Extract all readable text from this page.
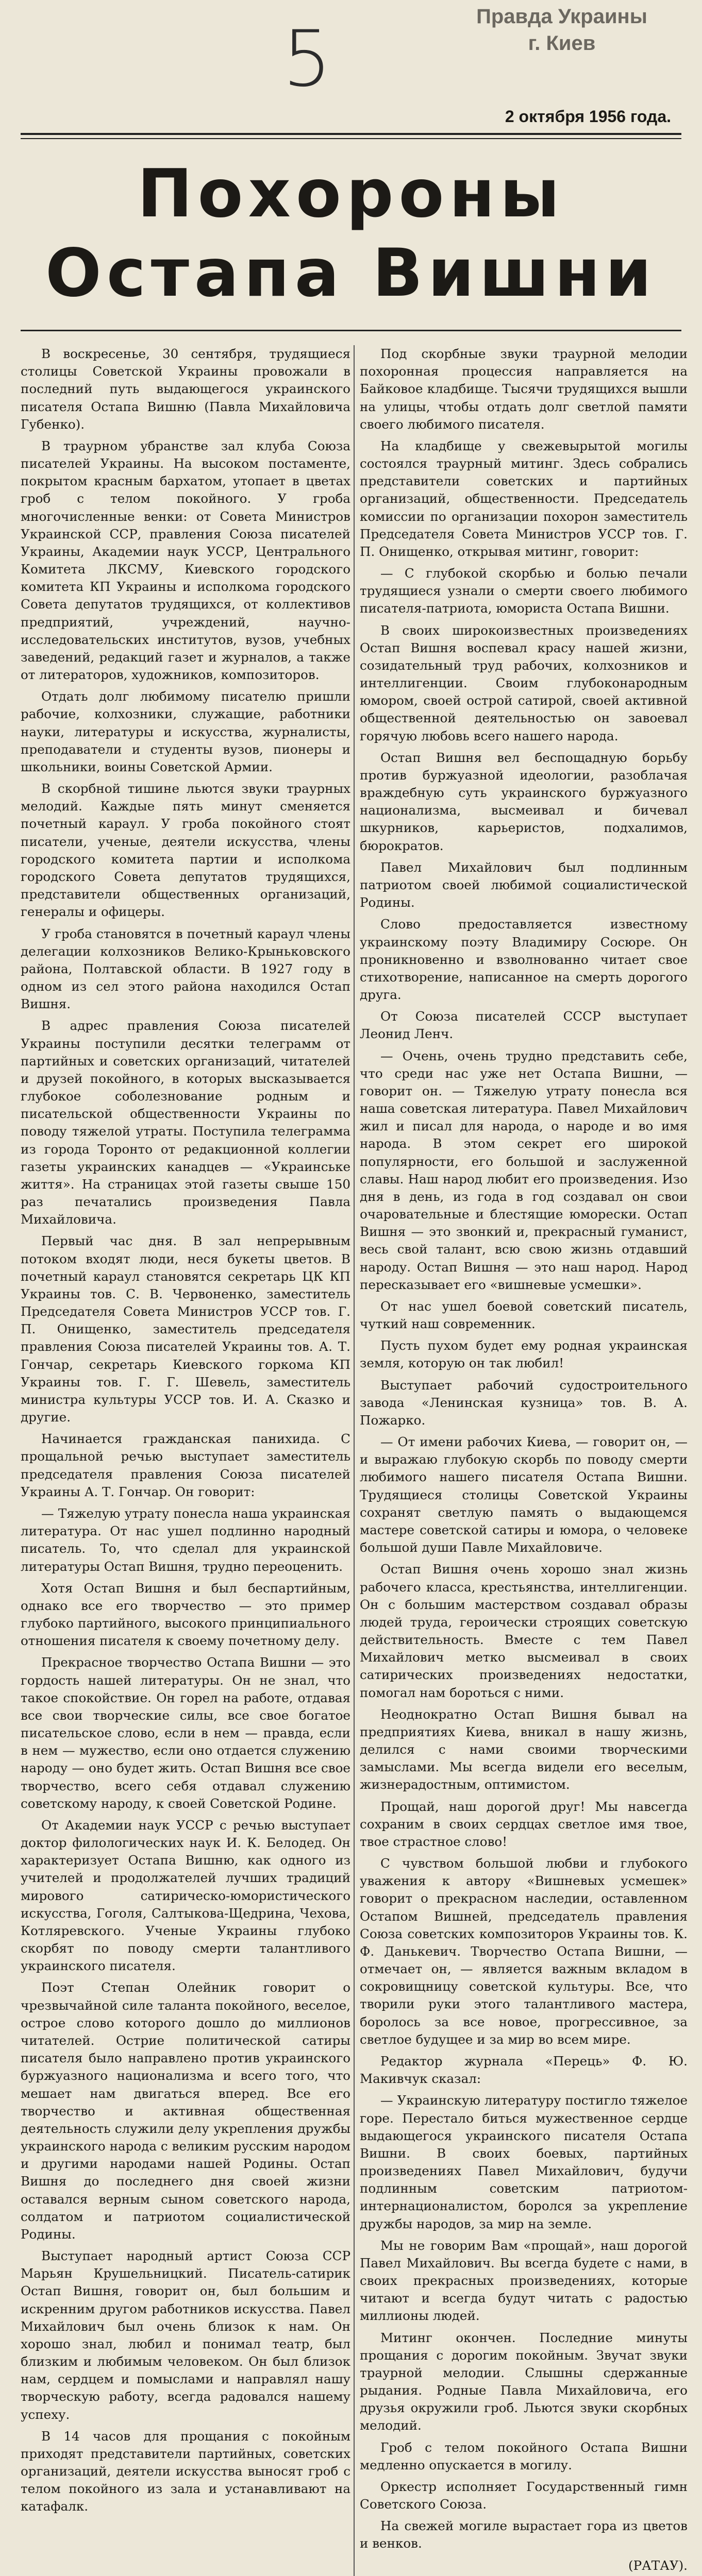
5	Правда Украины
г. Киев
2 октября 1956 года.
Похороны
Остапа Вишни

В воскресенье, 30 сентября, трудящиеся столицы Советской Украины провожали в последний путь выдающегося украинского писателя Остапа Вишню (Павла Михайловича Губенко).

В траурном убранстве зал клуба Союза писателей Украины. На высоком постаменте, покрытом красным бархатом, утопает в цветах гроб с телом покойного. У гроба многочисленные венки: от Совета Министров Украинской ССР, правления Союза писателей Украины, Академии наук УССР, Центрального Комитета ЛКСМУ, Киевского городского комитета КП Украины и исполкома городского Совета депутатов трудящихся, от коллективов предприятий, учреждений, научно-исследовательских институтов, вузов, учебных заведений, редакций газет и журналов, а также от литераторов, художников, композиторов.

Отдать долг любимому писателю пришли рабочие, колхозники, служащие, работники науки, литературы и искусства, журналисты, преподаватели и студенты вузов, пионеры и школьники, воины Советской Армии.

В скорбной тишине льются звуки траурных мелодий. Каждые пять минут сменяется почетный караул. У гроба покойного стоят писатели, ученые, деятели искусства, члены городского комитета партии и исполкома городского Совета депутатов трудящихся, представители общественных организаций, генералы и офицеры.

У гроба становятся в почетный караул члены делегации колхозников Велико-Крыньковского района, Полтавской области. В 1927 году в одном из сел этого района находился Остап Вишня.

В адрес правления Союза писателей Украины поступили десятки телеграмм от партийных и советских организаций, читателей и друзей покойного, в которых высказывается глубокое соболезнование родным и писательской общественности Украины по поводу тяжелой утраты. Поступила телеграмма из города Торонто от редакционной коллегии газеты украинских канадцев — «Украинське життя». На страницах этой газеты свыше 150 раз печатались произведения Павла Михайловича.

Первый час дня. В зал непрерывным потоком входят люди, неся букеты цветов. В почетный караул становятся секретарь ЦК КП Украины тов. С. В. Червоненко, заместитель Председателя Совета Министров УССР тов. Г. П. Онищенко, заместитель председателя правления Союза писателей Украины тов. А. Т. Гончар, секретарь Киевского горкома КП Украины тов. Г. Г. Шевель, заместитель министра культуры УССР тов. И. А. Сказко и другие.

Начинается гражданская панихида. С прощальной речью выступает заместитель председателя правления Союза писателей Украины А. Т. Гончар. Он говорит:

— Тяжелую утрату понесла наша украинская литература. От нас ушел подлинно народный писатель. То, что сделал для украинской литературы Остап Вишня, трудно переоценить.

Хотя Остап Вишня и был беспартийным, однако все его творчество — это пример глубоко партийного, высокого принципиального отношения писателя к своему почетному делу.

Прекрасное творчество Остапа Вишни — это гордость нашей литературы. Он не знал, что такое спокойствие. Он горел на работе, отдавая все свои творческие силы, все свое богатое писательское слово, если в нем — правда, если в нем — мужество, если оно отдается служению народу — оно будет жить. Остап Вишня все свое творчество, всего себя отдавал служению советскому народу, к своей Советской Родине.

От Академии наук УССР с речью выступает доктор филологических наук И. К. Белодед. Он характеризует Остапа Вишню, как одного из учителей и продолжателей лучших традиций мирового сатирическо-юмористического искусства, Гоголя, Салтыкова-Щедрина, Чехова, Котляревского. Ученые Украины глубоко скорбят по поводу смерти талантливого украинского писателя.

Поэт Степан Олейник говорит о чрезвычайной силе таланта покойного, веселое, острое слово которого дошло до миллионов читателей. Острие политической сатиры писателя было направлено против украинского буржуазного национализма и всего того, что мешает нам двигаться вперед. Все его творчество и активная общественная деятельность служили делу укрепления дружбы украинского народа с великим русским народом и другими народами нашей Родины. Остап Вишня до последнего дня своей жизни оставался верным сыном советского народа, солдатом и патриотом социалистической Родины.

Выступает народный артист Союза ССР Марьян Крушельницкий. Писатель-сатирик Остап Вишня, говорит он, был большим и искренним другом работников искусства. Павел Михайлович был очень близок к нам. Он хорошо знал, любил и понимал театр, был близким и любимым человеком. Он был близок нам, сердцем и помыслами и направлял нашу творческую работу, всегда радовался нашему успеху.

В 14 часов для прощания с покойным приходят представители партийных, советских организаций, деятели искусства выносят гроб с телом покойного из зала и устанавливают на катафалк.

Под скорбные звуки траурной мелодии похоронная процессия направляется на Байковое кладбище. Тысячи трудящихся вышли на улицы, чтобы отдать долг светлой памяти своего любимого писателя.

На кладбище у свежевырытой могилы состоялся траурный митинг. Здесь собрались представители советских и партийных организаций, общественности. Председатель комиссии по организации похорон заместитель Председателя Совета Министров УССР тов. Г. П. Онищенко, открывая митинг, говорит:

— С глубокой скорбью и болью печали трудящиеся узнали о смерти своего любимого писателя-патриота, юмориста Остапа Вишни.

В своих широкоизвестных произведениях Остап Вишня воспевал красу нашей жизни, созидательный труд рабочих, колхозников и интеллигенции. Своим глубоконародным юмором, своей острой сатирой, своей активной общественной деятельностью он завоевал горячую любовь всего нашего народа.

Остап Вишня вел беспощадную борьбу против буржуазной идеологии, разоблачая враждебную суть украинского буржуазного национализма, высмеивал и бичевал шкурников, карьеристов, подхалимов, бюрократов.

Павел Михайлович был подлинным патриотом своей любимой социалистической Родины.

Слово предоставляется известному украинскому поэту Владимиру Сосюре. Он проникновенно и взволнованно читает свое стихотворение, написанное на смерть дорогого друга.

От Союза писателей СССР выступает Леонид Ленч.

— Очень, очень трудно представить себе, что среди нас уже нет Остапа Вишни, — говорит он. — Тяжелую утрату понесла вся наша советская литература. Павел Михайлович жил и писал для народа, о народе и во имя народа. В этом секрет его широкой популярности, его большой и заслуженной славы. Наш народ любит его произведения. Изо дня в день, из года в год создавал он свои очаровательные и блестящие юморески. Остап Вишня — это звонкий и, прекрасный гуманист, весь свой талант, всю свою жизнь отдавший народу. Остап Вишня — это наш народ. Народ пересказывает его «вишневые усмешки».

От нас ушел боевой советский писатель, чуткий наш современник.

Пусть пухом будет ему родная украинская земля, которую он так любил!

Выступает рабочий судостроительного завода «Ленинская кузница» тов. В. А. Пожарко.

— От имени рабочих Киева, — говорит он, — и выражаю глубокую скорбь по поводу смерти любимого нашего писателя Остапа Вишни. Трудящиеся столицы Советской Украины сохранят светлую память о выдающемся мастере советской сатиры и юмора, о человеке большой души Павле Михайловиче.

Остап Вишня очень хорошо знал жизнь рабочего класса, крестьянства, интеллигенции. Он с большим мастерством создавал образы людей труда, героически строящих советскую действительность. Вместе с тем Павел Михайлович метко высмеивал в своих сатирических произведениях недостатки, помогал нам бороться с ними.

Неоднократно Остап Вишня бывал на предприятиях Киева, вникал в нашу жизнь, делился с нами своими творческими замыслами. Мы всегда видели его веселым, жизнерадостным, оптимистом.

Прощай, наш дорогой друг! Мы навсегда сохраним в своих сердцах светлое имя твое, твое страстное слово!

С чувством большой любви и глубокого уважения к автору «Вишневых усмешек» говорит о прекрасном наследии, оставленном Остапом Вишней, председатель правления Союза советских композиторов Украины тов. К. Ф. Данькевич. Творчество Остапа Вишни, — отмечает он, — является важным вкладом в сокровищницу советской культуры. Все, что творили руки этого талантливого мастера, боролось за все новое, прогрессивное, за светлое будущее и за мир во всем мире.

Редактор журнала «Перець» Ф. Ю. Макивчук сказал:

— Украинскую литературу постигло тяжелое горе. Перестало биться мужественное сердце выдающегося украинского писателя Остапа Вишни. В своих боевых, партийных произведениях Павел Михайлович, будучи подлинным советским патриотом-интернационалистом, боролся за укрепление дружбы народов, за мир на земле.

Мы не говорим Вам «прощай», наш дорогой Павел Михайлович. Вы всегда будете с нами, в своих прекрасных произведениях, которые читают и всегда будут читать с радостью миллионы людей.

Митинг окончен. Последние минуты прощания с дорогим покойным. Звучат звуки траурной мелодии. Слышны сдержанные рыдания. Родные Павла Михайловича, его друзья окружили гроб. Льются звуки скорбных мелодий.

Гроб с телом покойного Остапа Вишни медленно опускается в могилу.

Оркестр исполняет Государственный гимн Советского Союза.

На свежей могиле вырастает гора из цветов и венков.

(РАТАУ).
